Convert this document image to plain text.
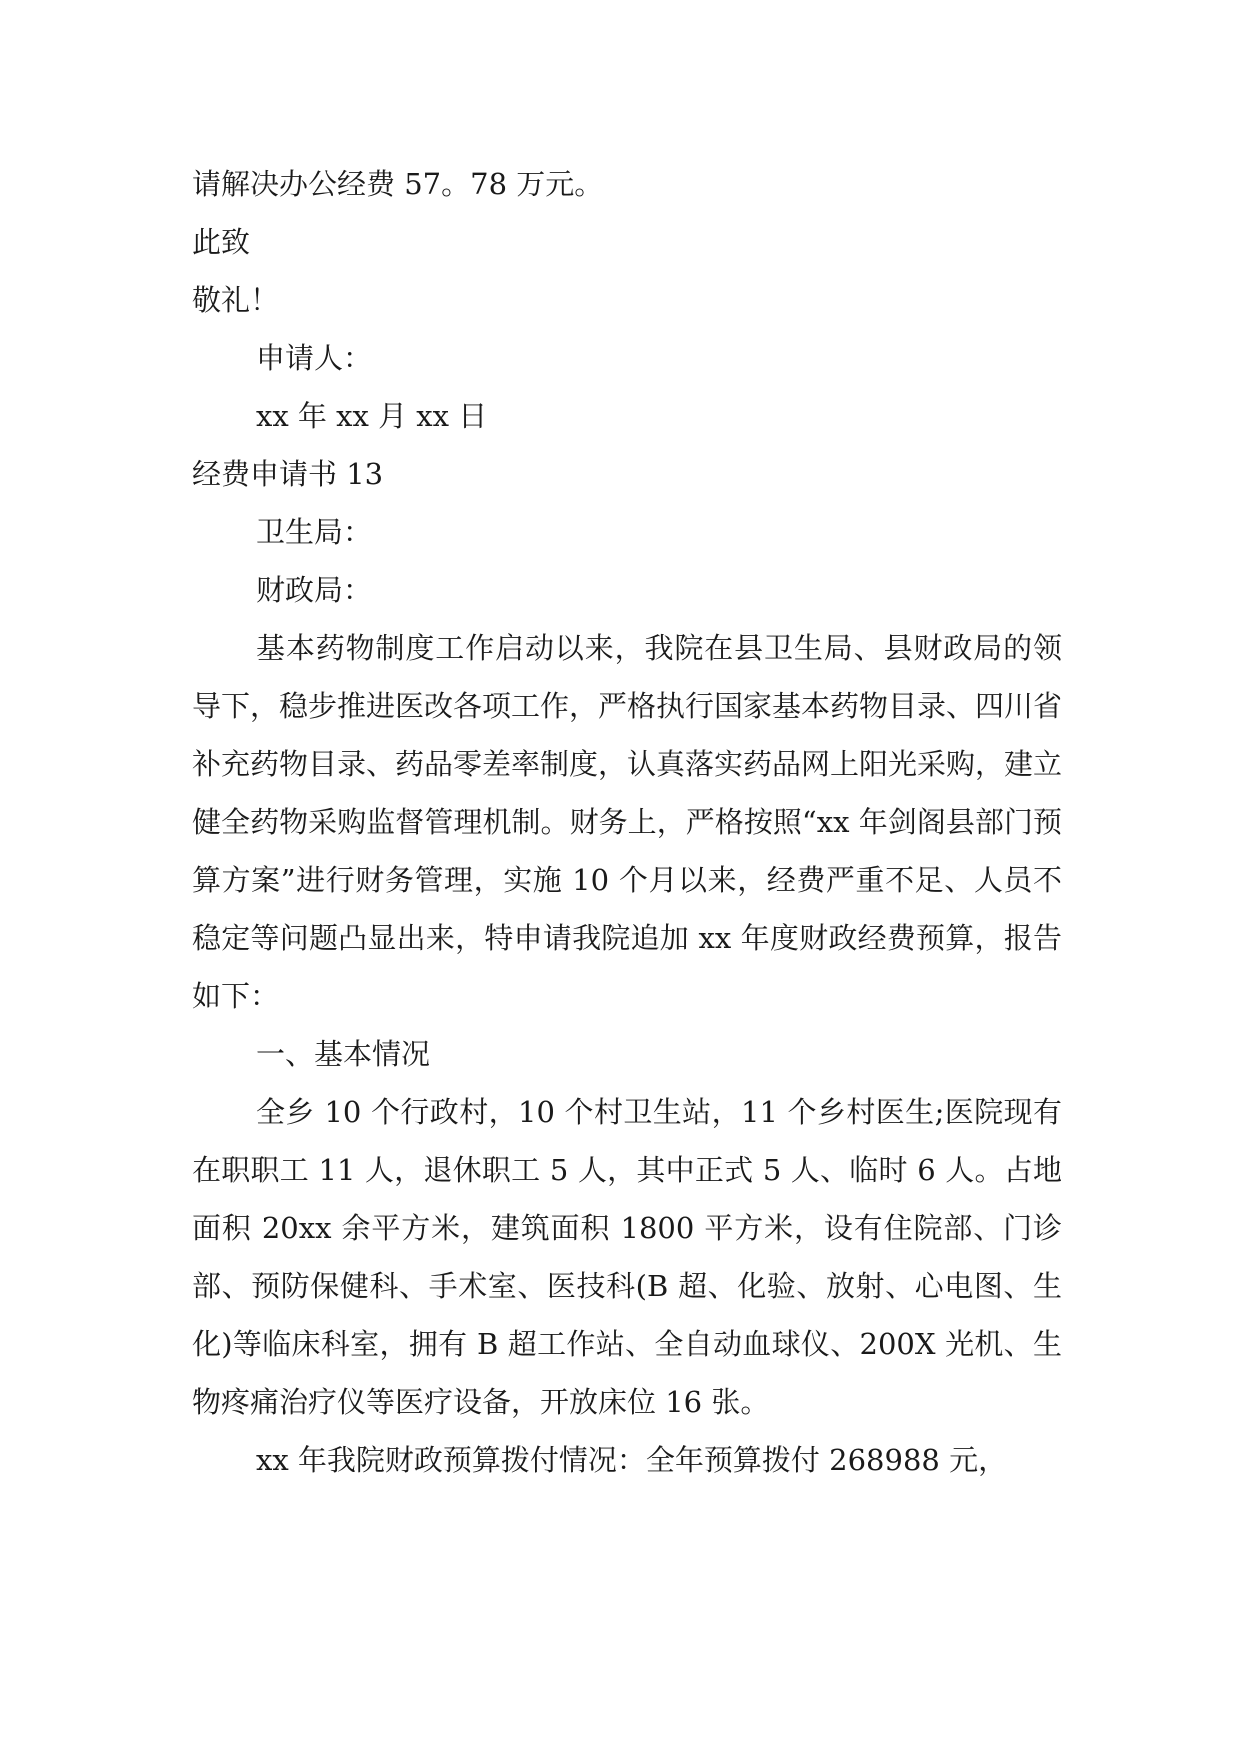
请解决办公经费 57。78 万元。
此致
敬礼！
申请人：
xx 年 xx 月 xx 日
经费申请书 13
卫生局：
财政局：
基本药物制度工作启动以来，我院在县卫生局、县财政局的领导下，稳步推进医改各项工作，严格执行国家基本药物目录、四川省补充药物目录、药品零差率制度，认真落实药品网上阳光采购，建立健全药物采购监督管理机制。财务上，严格按照“xx 年剑阁县部门预算方案”进行财务管理，实施 10 个月以来，经费严重不足、人员不稳定等问题凸显出来，特申请我院追加 xx 年度财政经费预算，报告如下：
一、基本情况
全乡 10 个行政村，10 个村卫生站，11 个乡村医生;医院现有在职职工 11 人，退休职工 5 人，其中正式 5 人、临时 6 人。占地面积 20xx 余平方米，建筑面积 1800 平方米，设有住院部、门诊部、预防保健科、手术室、医技科(B 超、化验、放射、心电图、生化)等临床科室，拥有 B 超工作站、全自动血球仪、200X 光机、生物疼痛治疗仪等医疗设备，开放床位 16 张。
xx 年我院财政预算拨付情况：全年预算拨付 268988 元，
